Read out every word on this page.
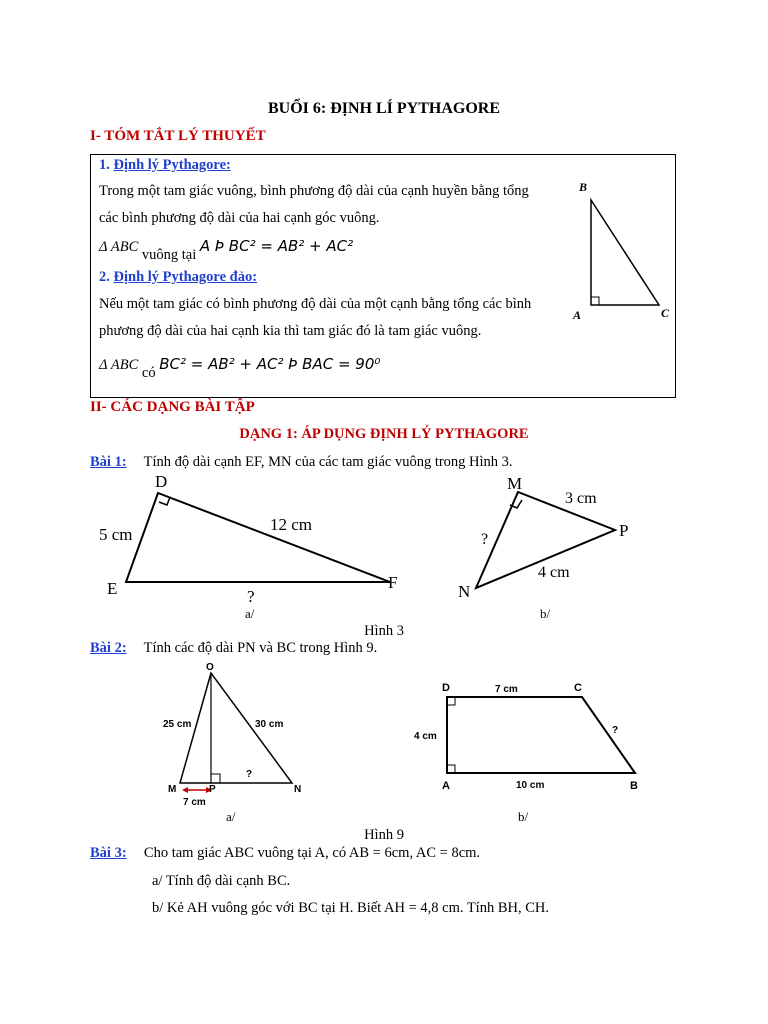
BUỔI 6: ĐỊNH LÍ PYTHAGORE
I- TÓM TẮT LÝ THUYẾT
1. Định lý Pythagore:
Trong một tam giác vuông, bình phương độ dài của cạnh huyền bằng tổng
các bình phương độ dài của hai cạnh góc vuông.
Δ ABC vuông tại A Þ BC² = AB² + AC²
2. Định lý Pythagore đảo:
Nếu một tam giác có bình phương độ dài của một cạnh bằng tổng các bình
phương độ dài của hai cạnh kia thì tam giác đó là tam giác vuông.
Δ ABC có BC² = AB² + AC² Þ BAC = 90⁰
B
A	C
II- CÁC DẠNG BÀI TẬP
DẠNG 1: ÁP DỤNG ĐỊNH LÝ PYTHAGORE
Bài 1: Tính độ dài cạnh EF, MN của các tam giác vuông trong Hình 3.
D
E	F
5 cm
12 cm
?
M
N
P
3 cm
4 cm
?
a/	b/
Hình 3
Bài 2: Tính các độ dài PN và BC trong Hình 9.
O
M	P	N
25 cm	30 cm
?
7 cm
D	C
A	B
7 cm
4 cm
10 cm
?
a/	b/
Hình 9
Bài 3: Cho tam giác ABC vuông tại A, có AB = 6cm, AC = 8cm.
a/ Tính độ dài cạnh BC.
b/ Kẻ AH vuông góc với BC tại H. Biết AH = 4,8 cm. Tính BH, CH.
